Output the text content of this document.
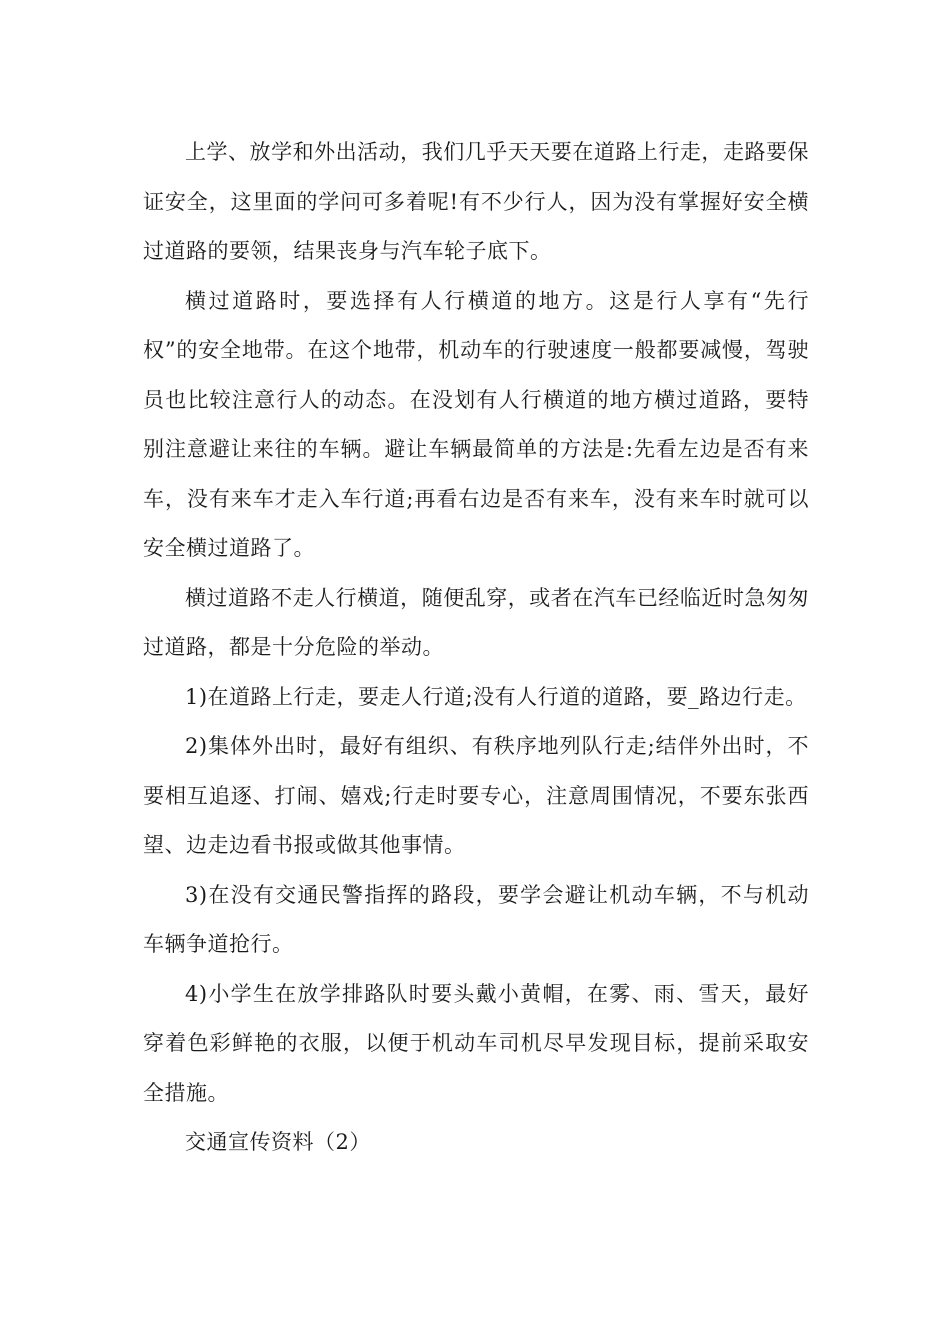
上学、放学和外出活动，我们几乎天天要在道路上行走，走路要保证安全，这里面的学问可多着呢!有不少行人，因为没有掌握好安全横过道路的要领，结果丧身与汽车轮子底下。

横过道路时，要选择有人行横道的地方。这是行人享有“先行权”的安全地带。在这个地带，机动车的行驶速度一般都要减慢，驾驶员也比较注意行人的动态。在没划有人行横道的地方横过道路，要特别注意避让来往的车辆。避让车辆最简单的方法是:先看左边是否有来车，没有来车才走入车行道;再看右边是否有来车，没有来车时就可以安全横过道路了。

横过道路不走人行横道，随便乱穿，或者在汽车已经临近时急匆匆过道路，都是十分危险的举动。

1)在道路上行走，要走人行道;没有人行道的道路，要_路边行走。

2)集体外出时，最好有组织、有秩序地列队行走;结伴外出时，不要相互追逐、打闹、嬉戏;行走时要专心，注意周围情况，不要东张西望、边走边看书报或做其他事情。

3)在没有交通民警指挥的路段，要学会避让机动车辆，不与机动车辆争道抢行。

4)小学生在放学排路队时要头戴小黄帽，在雾、雨、雪天，最好穿着色彩鲜艳的衣服，以便于机动车司机尽早发现目标，提前采取安全措施。

交通宣传资料（2）
